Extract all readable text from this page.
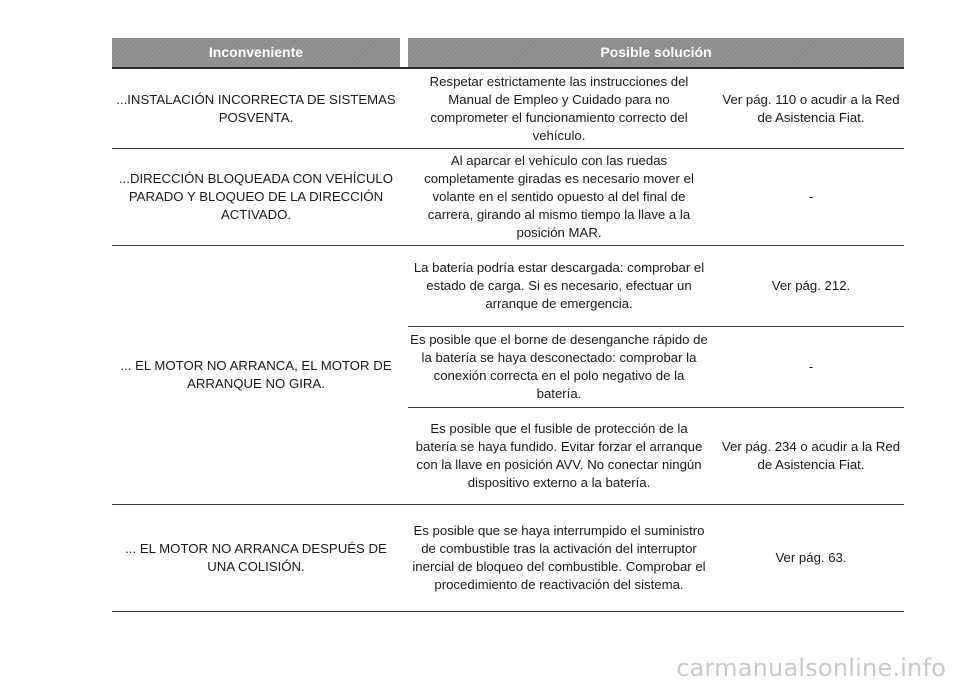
Inconveniente	Posible solución
...INSTALACIÓN INCORRECTA DE SISTEMAS POSVENTA.
Respetar estrictamente las instrucciones del Manual de Empleo y Cuidado para no comprometer el funcionamiento correcto del vehículo.
Ver pág. 110 o acudir a la Red de Asistencia Fiat.
...DIRECCIÓN BLOQUEADA CON VEHÍCULO PARADO Y BLOQUEO DE LA DIRECCIÓN ACTIVADO.
Al aparcar el vehículo con las ruedas completamente giradas es necesario mover el volante en el sentido opuesto al del final de carrera, girando al mismo tiempo la llave a la posición MAR.
-
... EL MOTOR NO ARRANCA, EL MOTOR DE ARRANQUE NO GIRA.
La batería podría estar descargada: comprobar el estado de carga. Si es necesario, efectuar un arranque de emergencia.
Ver pág. 212.
Es posible que el borne de desenganche rápido de la batería se haya desconectado: comprobar la conexión correcta en el polo negativo de la batería.
-
Es posible que el fusible de protección de la batería se haya fundido. Evitar forzar el arranque con la llave en posición AVV. No conectar ningún dispositivo externo a la batería.
Ver pág. 234 o acudir a la Red de Asistencia Fiat.
... EL MOTOR NO ARRANCA DESPUÉS DE UNA COLISIÓN.
Es posible que se haya interrumpido el suministro de combustible tras la activación del interruptor inercial de bloqueo del combustible. Comprobar el procedimiento de reactivación del sistema.
Ver pág. 63.
carmanualsonline.info
